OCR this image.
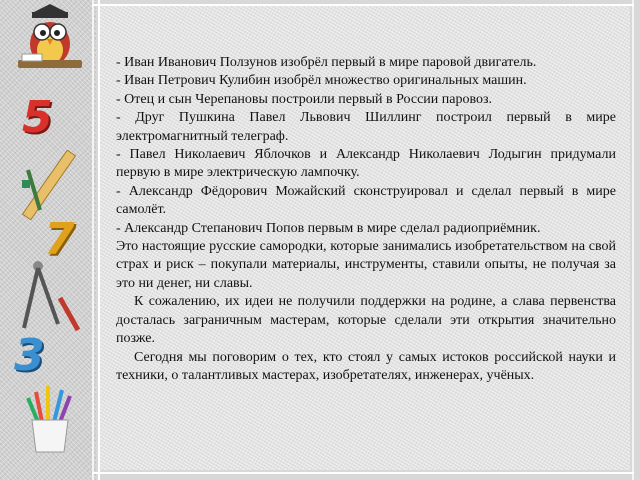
5
7
3

- Иван Иванович Ползунов изобрёл первый в мире паровой двигатель.

- Иван Петрович Кулибин изобрёл множество оригинальных машин.

- Отец и сын Черепановы построили первый в России паровоз.

- Друг Пушкина Павел Львович Шиллинг построил первый в мире электромагнитный телеграф.

- Павел Николаевич Яблочков и Александр Николаевич Лодыгин придумали первую в мире электрическую лампочку.

- Александр Фёдорович Можайский сконструировал и сделал первый в мире самолёт.

- Александр Степанович Попов первым в мире сделал радиоприёмник.

Это настоящие русские самородки, которые занимались изобретательством на свой страх и риск – покупали материалы, инструменты, ставили опыты, не получая за это ни денег, ни славы.

К сожалению, их идеи не получили поддержки на родине, а слава первенства досталась заграничным мастерам, которые сделали эти открытия значительно позже.

Сегодня мы поговорим о тех, кто стоял у самых истоков российской науки и техники, о талантливых мастерах, изобретателях, инженерах, учёных.
